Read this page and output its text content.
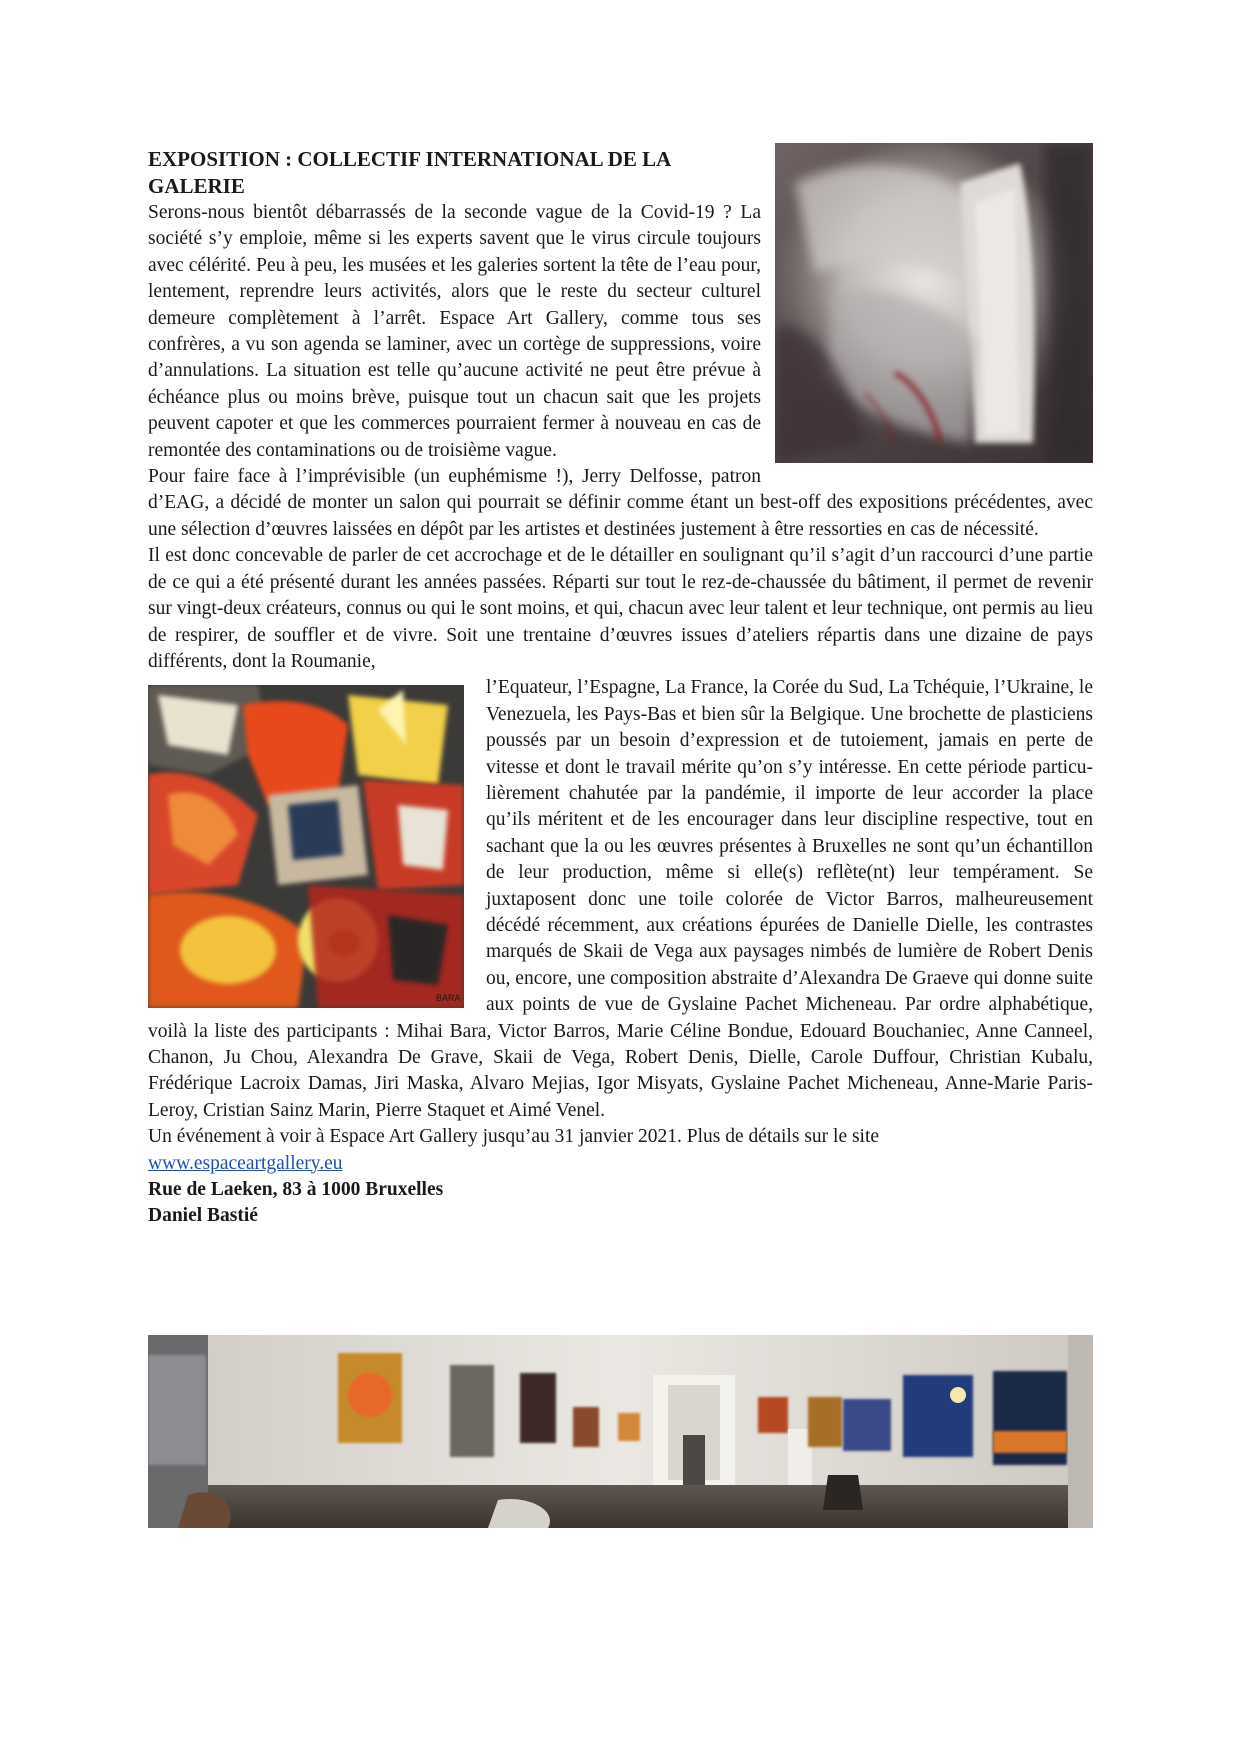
EXPOSITION : COLLECTIF INTERNATIONAL DE LA GALERIE

Serons-nous bientôt débarrassés de la seconde vague de la Covid-19 ? La société s’y emploie, même si les experts savent que le virus circule toujours avec célérité. Peu à peu, les musées et les galeries sortent la tête de l’eau pour, lentement, reprendre leurs activités, alors que le reste du secteur culturel demeure complètement à l’arrêt. Espace Art Gallery, comme tous ses confrères, a vu son agenda se laminer, avec un cortège de suppressions, voire d’annulations. La situation est telle qu’aucune activité ne peut être prévue à échéance plus ou moins brève, puisque tout un chacun sait que les projets peuvent capoter et que les commerces pourraient fermer à nouveau en cas de remontée des contaminations ou de troisième vague.

Pour faire face à l’imprévisible (un euphémisme !), Jerry Delfosse, patron d’EAG, a décidé de monter un salon qui pourrait se définir comme étant un best-off des expositions précédentes, avec une sélection d’œuvres laissées en dépôt par les artistes et destinées justement à être ressorties en cas de nécessité.

Il est donc concevable de parler de cet accrochage et de le détailler en soulignant qu’il s’agit d’un raccourci d’une partie de ce qui a été présenté durant les années passées. Réparti sur tout le rez-de-chaussée du bâtiment, il permet de revenir sur vingt-deux créateurs, connus ou qui le sont moins, et qui, chacun avec leur talent et leur technique, ont permis au lieu de respirer, de souffler et de vivre. Soit une trentaine d’œuvres issues d’ateliers répartis dans une dizaine de pays différents, dont la Roumanie,

BARA

l’Equateur, l’Espagne, La France, la Corée du Sud, La Tchéquie, l’Ukraine, le Venezuela, les Pays-Bas et bien sûr la Belgique. Une brochette de plasticiens poussés par un besoin d’expression et de tutoiement, jamais en perte de vitesse et dont le travail mérite qu’on s’y intéresse. En cette période particu-lièrement chahutée par la pandémie, il importe de leur accorder la place qu’ils méritent et de les encourager dans leur discipline respective, tout en sachant que la ou les œuvres présentes à Bruxelles ne sont qu’un échantillon de leur production, même si elle(s) reflète(nt) leur tempérament. Se juxtaposent donc une toile colorée de Victor Barros, malheureusement décédé récemment, aux créations épurées de Danielle Dielle, les contrastes marqués de Skaii de Vega aux paysages nimbés de lumière de Robert Denis ou, encore, une composition abstraite d’Alexandra De Graeve qui donne suite aux points de vue de Gyslaine Pachet Micheneau. Par ordre alphabétique, voilà la liste des participants : Mihai Bara, Victor Barros, Marie Céline Bondue, Edouard Bouchaniec, Anne Canneel, Chanon, Ju Chou, Alexandra De Grave, Skaii de Vega, Robert Denis, Dielle, Carole Duffour, Christian Kubalu, Frédérique Lacroix Damas, Jiri Maska, Alvaro Mejias, Igor Misyats, Gyslaine Pachet Micheneau, Anne-Marie Paris-Leroy, Cristian Sainz Marin, Pierre Staquet et Aimé Venel.

Un événement à voir à Espace Art Gallery jusqu’au 31 janvier 2021. Plus de détails sur le site

www.espaceartgallery.eu

Rue de Laeken, 83 à 1000 Bruxelles

Daniel Bastié
